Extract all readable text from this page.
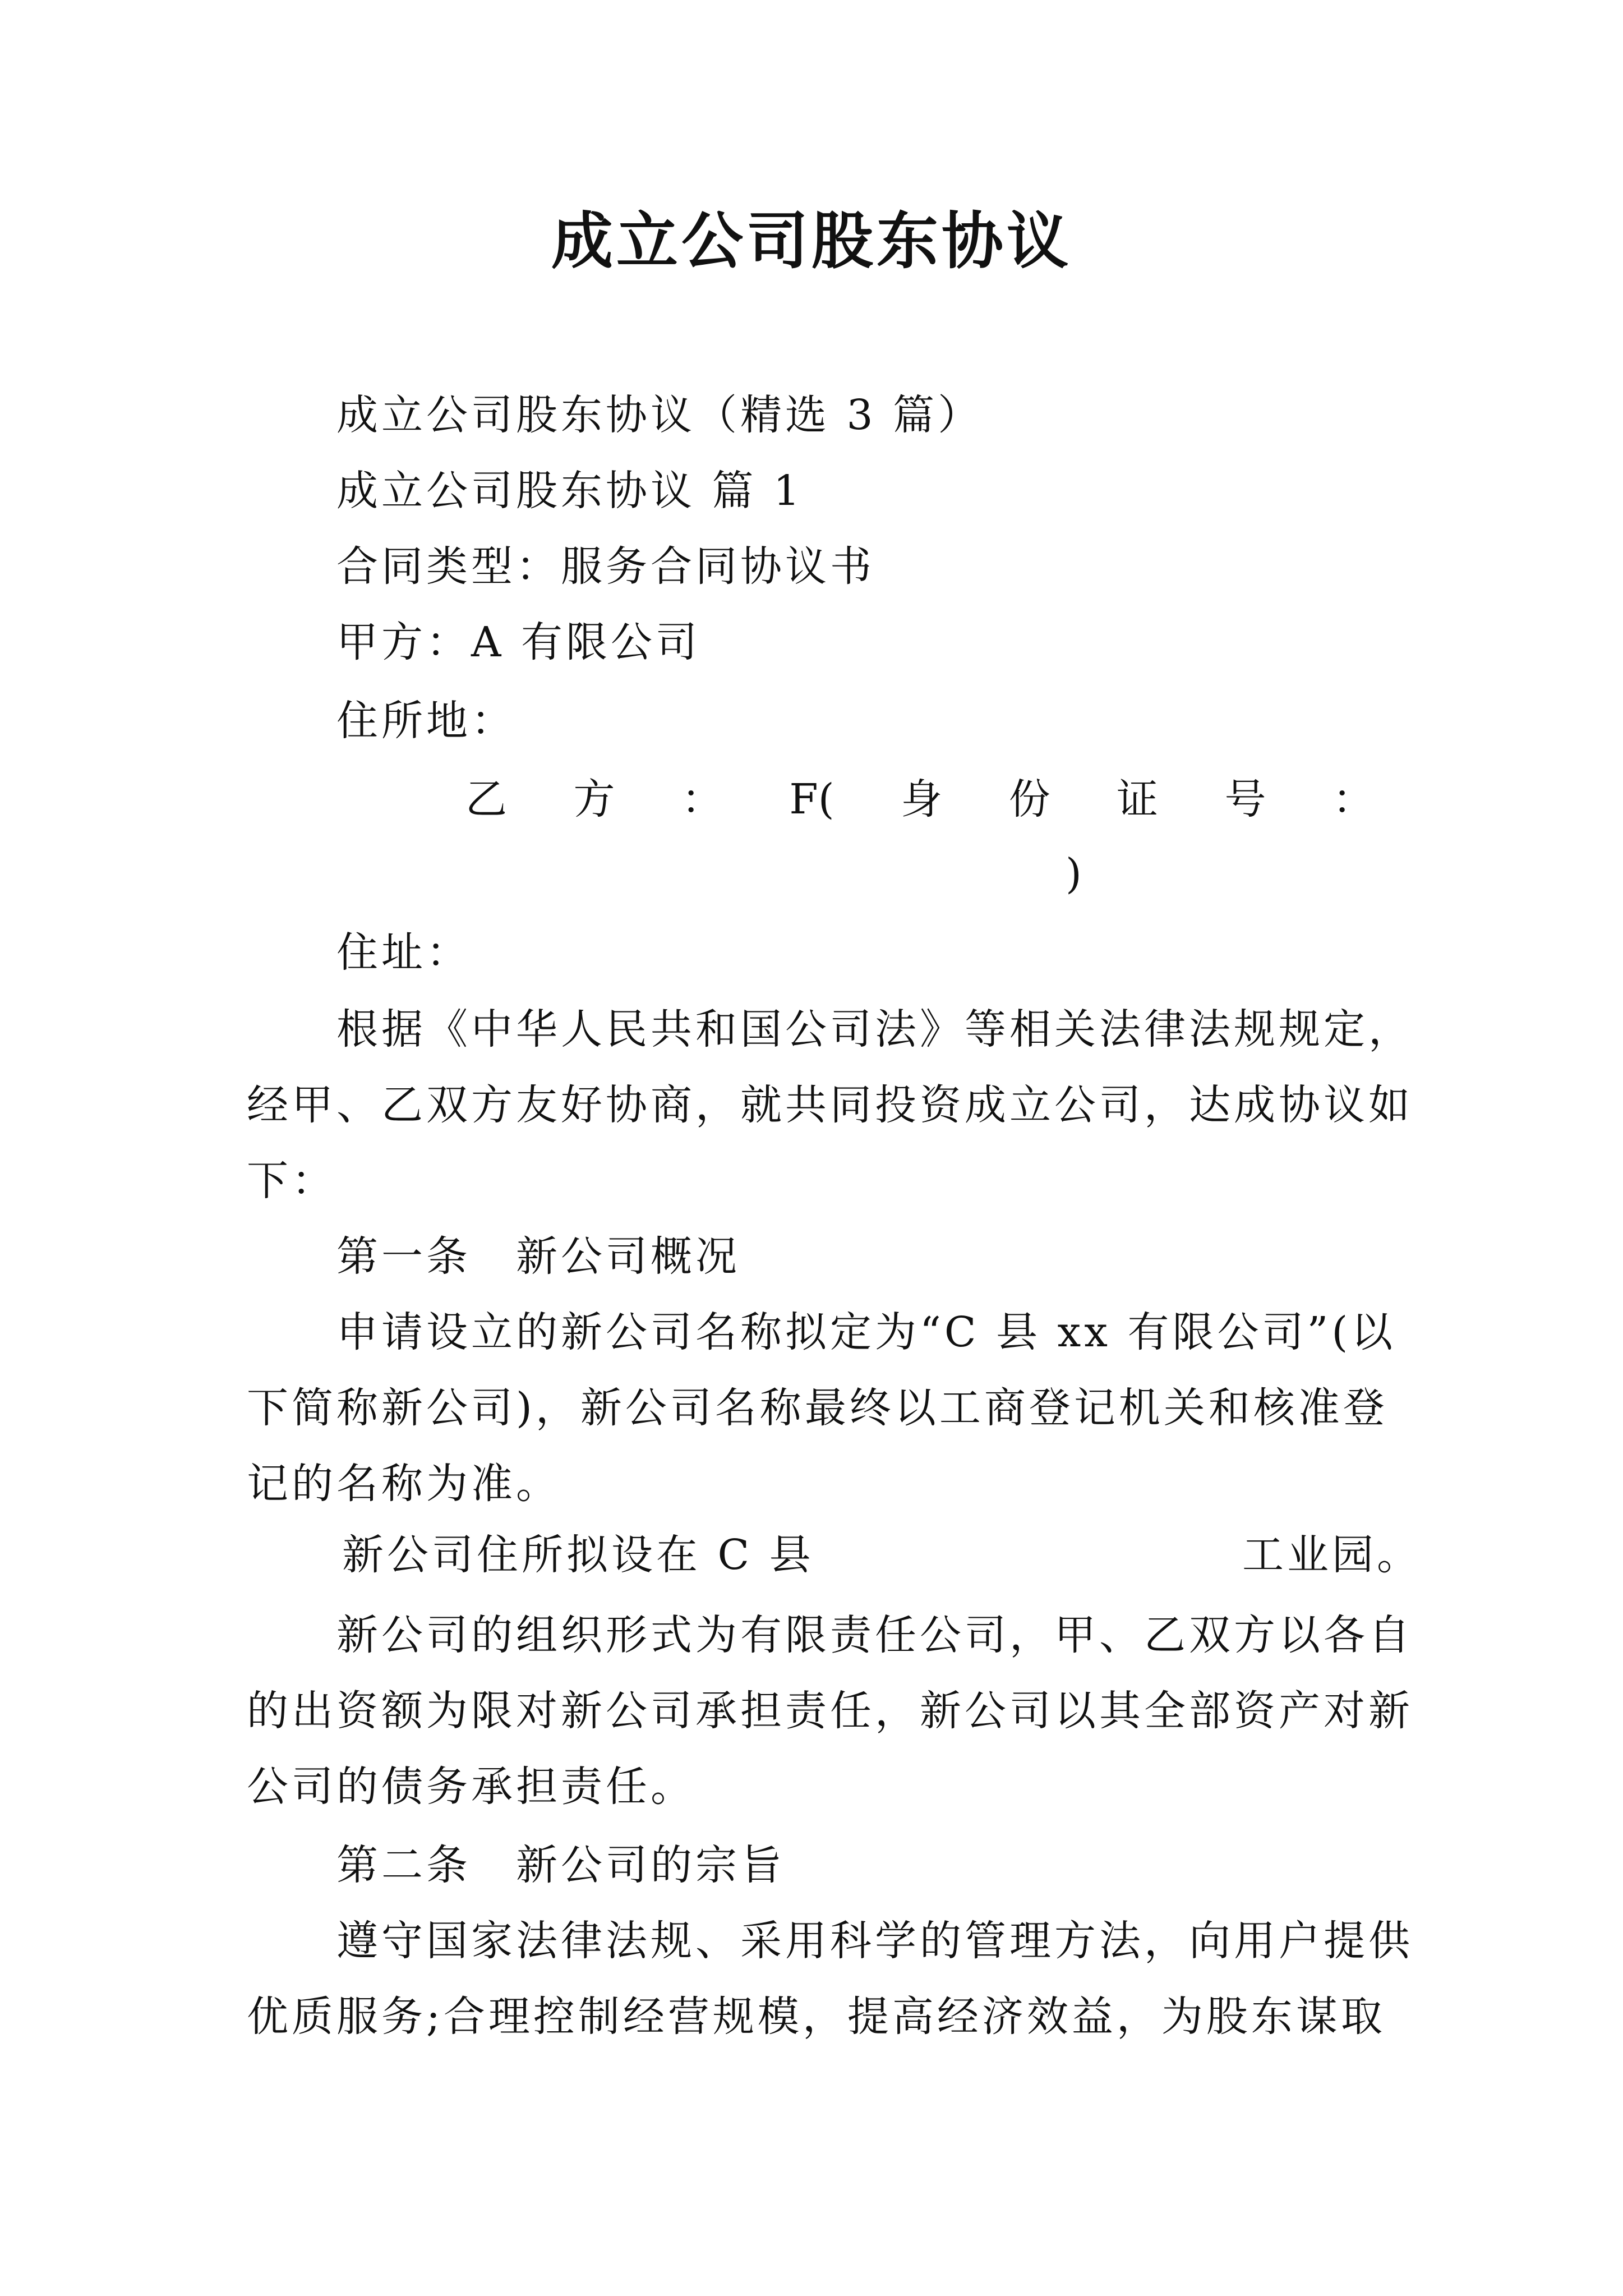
成立公司股东协议
成立公司股东协议（精选 3 篇）
成立公司股东协议 篇 1
合同类型：服务合同协议书
甲方：A 有限公司
住所地：
乙 方 ： F( 身 份 证 号 ：
)
住址：
根据《中华人民共和国公司法》等相关法律法规规定，
经甲、乙双方友好协商，就共同投资成立公司，达成协议如
下：
第一条　新公司概况
申请设立的新公司名称拟定为“C 县 xx 有限公司”(以
下简称新公司)，新公司名称最终以工商登记机关和核准登
记的名称为准。
新公司住所拟设在 C 县	工业园。
新公司的组织形式为有限责任公司，甲、乙双方以各自
的出资额为限对新公司承担责任，新公司以其全部资产对新
公司的债务承担责任。
第二条　新公司的宗旨
遵守国家法律法规、采用科学的管理方法，向用户提供
优质服务;合理控制经营规模，提高经济效益，为股东谋取
